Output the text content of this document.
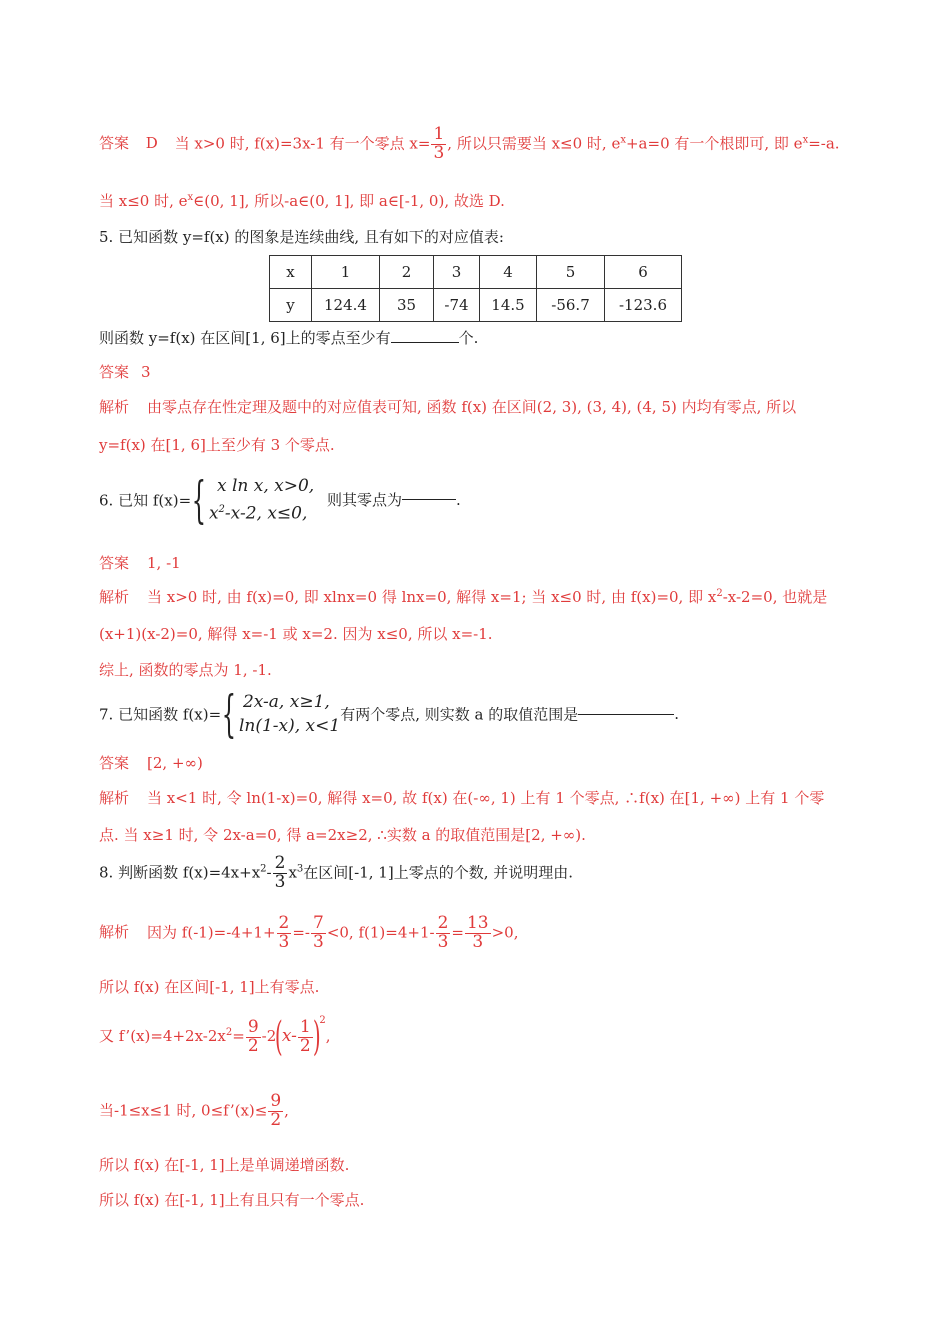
答案 D 当 x>0 时, f(x)=3x-1 有一个零点 $x= \frac{1}{3}$ , 所以只需要当 x≤0 时, $e^x+a=0$ 有一个根即可, 即 $e^x=-a$.
当 x≤0 时, $e^x\in(0$, 1], 所以-a∈(0, 1], 即 a∈[-1, 0), 故选 D.
5. 已知函数 y=f(x) 的图象是连续曲线, 且有如下的对应值表:
x	1	2	3	4	5	6
y	124.4	35	-74	14.5	-56.7	-123.6
则函数 y=f(x) 在区间[1, 6]上的零点至少有	个.
答案 3
解析 由零点存在性定理及题中的对应值表可知, 函数 f(x) 在区间(2, 3), (3, 4), (4, 5) 内均有零点, 所以
y=f(x) 在[1, 6]上至少有 3 个零点.
6. 已知 f(x)={ x ln x, x>0,
$x^2-x-2$, x≤0,
则其零点为	.
答案 1, -1
解析 当 x>0 时, 由 f(x)=0, 即 xlnx=0 得 lnx=0, 解得 x=1; 当 x≤0 时, 由 f(x)=0, 即 $x^2-x-2=0$, 也就是
(x+1)(x-2)=0, 解得 x=-1 或 x=2. 因为 x≤0, 所以 x=-1.
综上, 函数的零点为 1, -1.
7. 已知函数 f(x)={ 2x-a, x≥1,
ln(1-x), x<1
有两个零点, 则实数 a 的取值范围是	.
答案 [2, +∞)
解析 当 x<1 时, 令 ln(1-x)=0, 解得 x=0, 故 f(x) 在(-∞, 1) 上有 1 个零点, ∴f(x) 在[1, +∞) 上有 1 个零
点. 当 x≥1 时, 令 2x-a=0, 得 a=2x≥2, ∴实数 a 的取值范围是[2, +∞).
8. 判断函数 $f(x)=4x+x^2- \frac{2}{3} x^3$在区间[-1, 1]上零点的个数, 并说明理由.
解析 因为 $f(-1)=-4+1+ \frac{2}{3} =- \frac{7}{3} <0$, $f(1)=4+1- \frac{2}{3} = \frac{13}{3} >0$,
所以 f(x) 在区间[-1, 1]上有零点.
又 $f’(x)=4+2x-2x^2= \frac{9}{2} -2(x- \frac{1}{2} )^2$,
当-1≤x≤1 时, 0≤f’(x)≤ $\frac{9}{2}$ ,
所以 f(x) 在[-1, 1]上是单调递增函数.
所以 f(x) 在[-1, 1]上有且只有一个零点.
